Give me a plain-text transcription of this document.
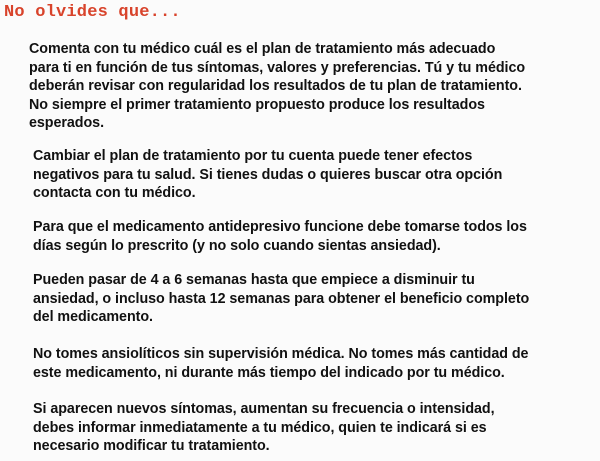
No olvides que...

Comenta con tu médico cuál es el plan de tratamiento más adecuado
para ti en función de tus síntomas, valores y preferencias. Tú y tu médico
deberán revisar con regularidad los resultados de tu plan de tratamiento.
No siempre el primer tratamiento propuesto produce los resultados
esperados.

Cambiar el plan de tratamiento por tu cuenta puede tener efectos
negativos para tu salud. Si tienes dudas o quieres buscar otra opción
contacta con tu médico.

Para que el medicamento antidepresivo funcione debe tomarse todos los
días según lo prescrito (y no solo cuando sientas ansiedad).

Pueden pasar de 4 a 6 semanas hasta que empiece a disminuir tu
ansiedad, o incluso hasta 12 semanas para obtener el beneficio completo
del medicamento.

No tomes ansiolíticos sin supervisión médica. No tomes más cantidad de
este medicamento, ni durante más tiempo del indicado por tu médico.

Si aparecen nuevos síntomas, aumentan su frecuencia o intensidad,
debes informar inmediatamente a tu médico, quien te indicará si es
necesario modificar tu tratamiento.
